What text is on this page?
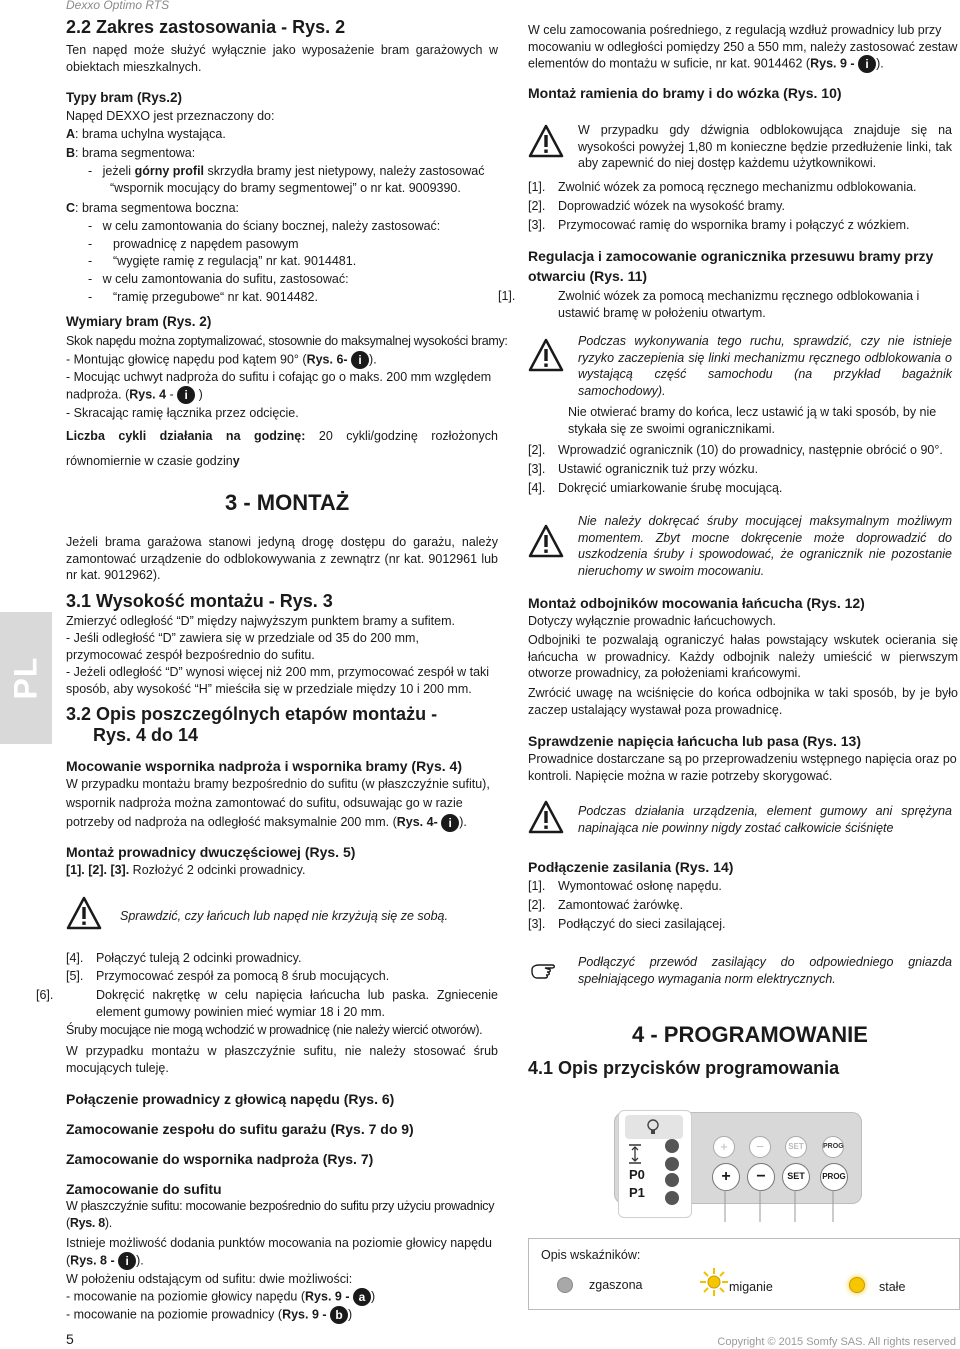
Dexxo Optimo RTS
PL
2.2 Zakres zastosowania - Rys. 2
Ten napęd może służyć wyłącznie jako wyposażenie bram garażowych w obiektach mieszkalnych.
Typy bram (Rys.2)
Napęd DEXXO jest przeznaczony do:
A: brama uchylna wystająca.
B: brama segmentowa:
-   jeżeli górny profil skrzydła bramy jest nietypowy, należy zastosować
“wspornik mocujący do bramy segmentowej” o nr kat. 9009390.
C: brama segmentowa boczna:
-   w celu zamontowania do ściany bocznej, należy zastosować:
-      prowadnicę z napędem pasowym
-      “wygięte ramię z regulacją” nr kat. 9014481.
-   w celu zamontowania do sufitu, zastosować:
-      “ramię przegubowe“ nr kat. 9014482.
Wymiary bram (Rys. 2)
Skok napędu można zoptymalizować, stosownie do maksymalnej wysokości bramy:
- Montując głowicę napędu pod kątem 90° (Rys. 6- i ).
- Mocując uchwyt nadproża do sufitu i cofając go o maks. 200 mm względem nadproża. (Rys. 4 - i )
- Skracając ramię łącznika przez odcięcie.
Liczba cykli działania na godzinę: 20 cykli/godzinę rozłożonych równomiernie w czasie godziny
3 - MONTAŻ
Jeżeli brama garażowa stanowi jedyną drogę dostępu do garażu, należy zamontować urządzenie do odblokowywania z zewnątrz (nr kat. 9012961 lub nr kat. 9012962).
3.1 Wysokość montażu - Rys. 3
Zmierzyć odległość “D” między najwyższym punktem bramy a sufitem.
- Jeśli odległość “D” zawiera się w przedziale od 35 do 200 mm, przymocować zespół bezpośrednio do sufitu.
- Jeżeli odległość “D” wynosi więcej niż 200 mm, przymocować zespół w taki sposób, aby wysokość “H” mieściła się w przedziale między 10 i 200 mm.
3.2 Opis poszczególnych etapów montażu -
Rys. 4 do 14
Mocowanie wspornika nadproża i wspornika bramy (Rys. 4)
W przypadku montażu bramy bezpośrednio do sufitu (w płaszczyźnie sufitu), wspornik nadproża można zamontować do sufitu, odsuwając go w razie potrzeby od nadproża na odległość maksymalnie 200 mm. (Rys. 4- i ).
Montaż prowadnicy dwuczęściowej (Rys. 5)
[1]. [2]. [3]. Rozłożyć 2 odcinki prowadnicy.
Sprawdzić, czy łańcuch lub napęd nie krzyżują się ze sobą.
[4]. Połączyć tuleją 2 odcinki prowadnicy.
[5]. Przymocować zespół za pomocą 8 śrub mocujących.
[6].	Dokręcić nakrętkę w celu napięcia łańcucha lub paska. Zgniecenie element gumowy powinien mieć wymiar 18 i 20 mm.
Śruby mocujące nie mogą wchodzić w prowadnicę (nie należy wiercić otworów).
W przypadku montażu w płaszczyźnie sufitu, nie należy stosować śrub mocujących tuleję.
Połączenie prowadnicy z głowicą napędu (Rys. 6)
Zamocowanie zespołu do sufitu garażu (Rys. 7 do 9)
Zamocowanie do wspornika nadproża (Rys. 7)
Zamocowanie do sufitu
W płaszczyźnie sufitu: mocowanie bezpośrednio do sufitu przy użyciu prowadnicy (Rys. 8).
Istnieje możliwość dodania punktów mocowania na poziomie głowicy napędu (Rys. 8 - i ).
W położeniu odstającym od sufitu: dwie możliwości:
- mocowanie na poziomie głowicy napędu (Rys. 9 - a )
- mocowanie na poziomie prowadnicy (Rys. 9 - b )
5
W celu zamocowania pośredniego, z regulacją wzdłuż prowadnicy lub przy mocowaniu w odległości pomiędzy 250 a 550 mm, należy zastosować zestaw elementów do montażu w suficie, nr kat. 9014462 (Rys. 9 - i ).
Montaż ramienia do bramy i do wózka (Rys. 10)
W przypadku gdy dźwignia odblokowująca znajduje się na wysokości powyżej 1,80 m konieczne będzie przedłużenie linki, tak aby zapewnić do niej dostęp każdemu użytkownikowi.
[1]. Zwolnić wózek za pomocą ręcznego mechanizmu odblokowania.
[2]. Doprowadzić wózek na wysokość bramy.
[3]. Przymocować ramię do wspornika bramy i połączyć z wózkiem.
Regulacja i zamocowanie ogranicznika przesuwu bramy przy otwarciu (Rys. 11)
[1].	Zwolnić wózek za pomocą mechanizmu ręcznego odblokowania i ustawić bramę w położeniu otwartym.
Podczas wykonywania tego ruchu, sprawdzić, czy nie istnieje ryzyko zaczepienia się linki mechanizmu ręcznego odblokowania o wystającą część samochodu (na przykład bagażnik samochodowy).
Nie otwierać bramy do końca, lecz ustawić ją w taki sposób, by nie stykała się ze swoimi ogranicznikami.
[2]. Wprowadzić ogranicznik (10) do prowadnicy, następnie obrócić o 90°.
[3]. Ustawić ogranicznik tuż przy wózku.
[4]. Dokręcić umiarkowanie śrubę mocującą.
Nie należy dokręcać śruby mocującej maksymalnym możliwym momentem. Zbyt mocne dokręcenie może doprowadzić do uszkodzenia śruby i spowodować, że ogranicznik nie pozostanie nieruchomy w swoim mocowaniu.
Montaż odbojników mocowania łańcucha (Rys. 12)
Dotyczy wyłącznie prowadnic łańcuchowych.
Odbojniki te pozwalają ograniczyć hałas powstający wskutek ocierania się łańcucha w prowadnicy. Każdy odbojnik należy umieścić w pierwszym otworze prowadnicy, za położeniami krańcowymi.
Zwrócić uwagę na wciśnięcie do końca odbojnika w taki sposób, by je było zaczep ustalający wystawał poza prowadnicę.
Sprawdzenie napięcia łańcucha lub pasa (Rys. 13)
Prowadnice dostarczane są po przeprowadzeniu wstępnego napięcia oraz po kontroli. Napięcie można w razie potrzeby skorygować.
Podczas działania urządzenia, element gumowy ani sprężyna napinająca nie powinny nigdy zostać całkowicie ściśnięte
Podłączenie zasilania (Rys. 14)
[1]. Wymontować osłonę napędu.
[2]. Zamontować żarówkę.
[3]. Podłączyć do sieci zasilającej.
Podłączyć przewód zasilający do odpowiedniego gniazda spełniającego wymagania norm elektrycznych.
4 - PROGRAMOWANIE
4.1 Opis przycisków programowania
P0
P1
+	−	SET	PROG
+	−	SET	PROG
Opis wskaźników:
zgaszona	miganie	stałe
Copyright © 2015 Somfy SAS. All rights reserved
